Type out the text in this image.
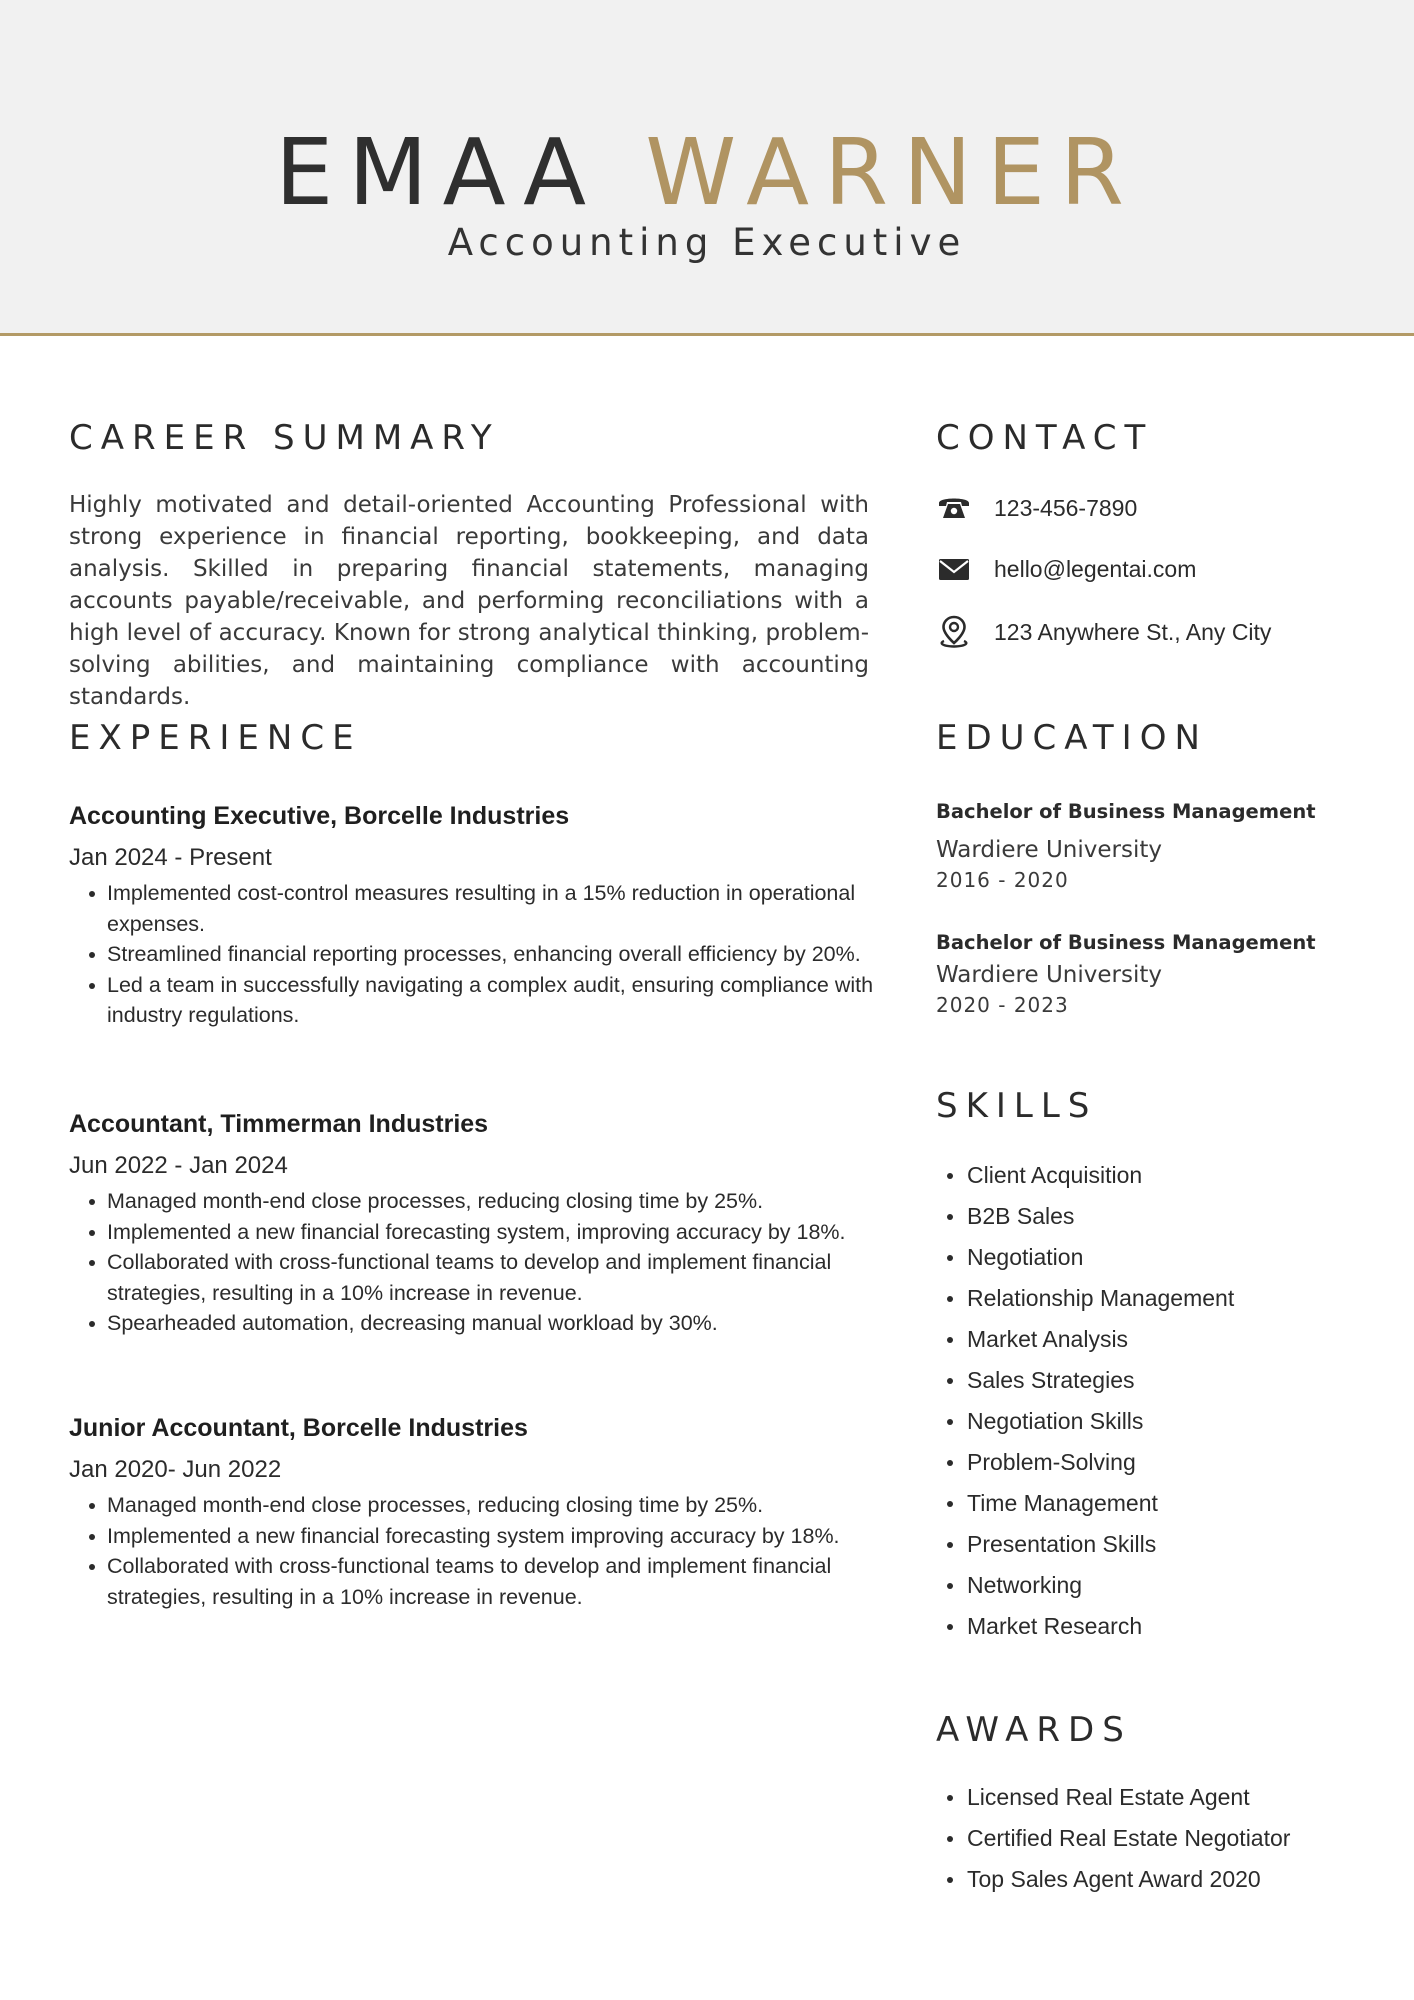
EMAA WARNER
Accounting Executive
CAREER SUMMARY

Highly motivated and detail-oriented Accounting Professional with strong experience in financial reporting, bookkeeping, and data analysis. Skilled in preparing financial statements, managing accounts payable/receivable, and performing reconciliations with a high level of accuracy. Known for strong analytical thinking, problem-solving abilities, and maintaining compliance with accounting standards.

EXPERIENCE
Accounting Executive, Borcelle Industries
Jan 2024 - Present
Implemented cost-control measures resulting in a 15% reduction in operational expenses.
Streamlined financial reporting processes, enhancing overall efficiency by 20%.
Led a team in successfully navigating a complex audit, ensuring compliance with industry regulations.
Accountant, Timmerman Industries
Jun 2022 - Jan 2024
Managed month-end close processes, reducing closing time by 25%.
Implemented a new financial forecasting system, improving accuracy by 18%.
Collaborated with cross-functional teams to develop and implement financial strategies, resulting in a 10% increase in revenue.
Spearheaded automation, decreasing manual workload by 30%.
Junior Accountant, Borcelle Industries
Jan 2020- Jun 2022
Managed month-end close processes, reducing closing time by 25%.
Implemented a new financial forecasting system improving accuracy by 18%.
Collaborated with cross-functional teams to develop and implement financial strategies, resulting in a 10% increase in revenue.
CONTACT
123-456-7890
hello@legentai.com
123 Anywhere St., Any City
EDUCATION
Bachelor of Business Management
Wardiere University
2016 - 2020
Bachelor of Business Management
Wardiere University
2020 - 2023
SKILLS
Client Acquisition
B2B Sales
Negotiation
Relationship Management
Market Analysis
Sales Strategies
Negotiation Skills
Problem-Solving
Time Management
Presentation Skills
Networking
Market Research
AWARDS
Licensed Real Estate Agent
Certified Real Estate Negotiator
Top Sales Agent Award 2020
